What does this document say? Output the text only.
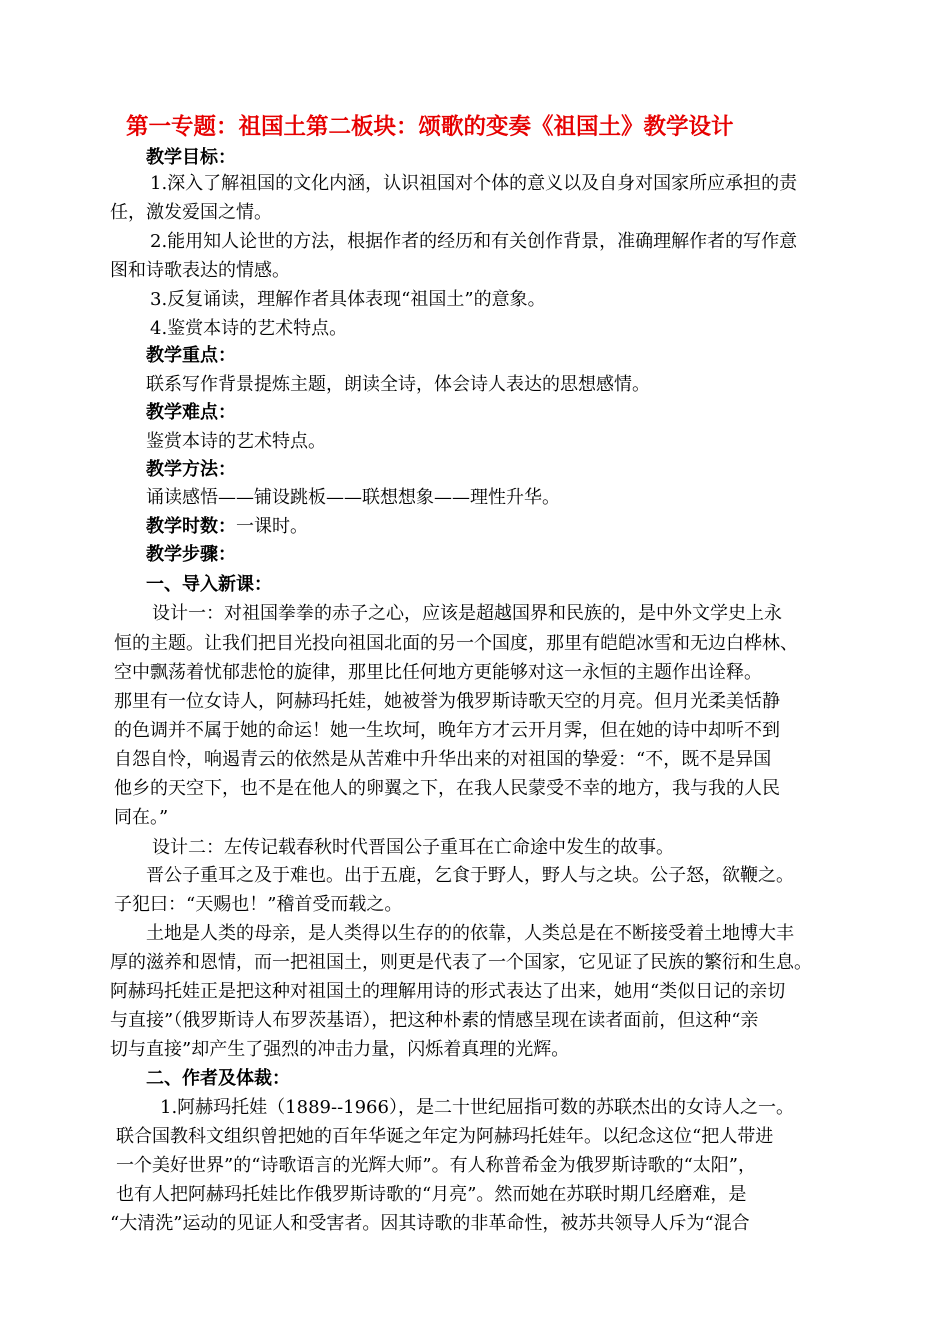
第一专题：祖国土第二板块：颂歌的变奏《祖国土》教学设计
教学目标：
1.深入了解祖国的文化内涵，认识祖国对个体的意义以及自身对国家所应承担的责
任，激发爱国之情。
2.能用知人论世的方法，根据作者的经历和有关创作背景，准确理解作者的写作意
图和诗歌表达的情感。
3.反复诵读，理解作者具体表现“祖国土”的意象。
4.鉴赏本诗的艺术特点。
教学重点：
联系写作背景提炼主题，朗读全诗，体会诗人表达的思想感情。
教学难点：
鉴赏本诗的艺术特点。
教学方法：
诵读感悟——铺设跳板——联想想象——理性升华。
教学时数：一课时。
教学步骤：
一、导入新课：
设计一：对祖国拳拳的赤子之心，应该是超越国界和民族的，是中外文学史上永
恒的主题。让我们把目光投向祖国北面的另一个国度，那里有皑皑冰雪和无边白桦林、
空中飘荡着忧郁悲怆的旋律，那里比任何地方更能够对这一永恒的主题作出诠释。
那里有一位女诗人，阿赫玛托娃，她被誉为俄罗斯诗歌天空的月亮。但月光柔美恬静
的色调并不属于她的命运！她一生坎坷，晚年方才云开月霁，但在她的诗中却听不到
自怨自怜，响遏青云的依然是从苦难中升华出来的对祖国的挚爱：“不，既不是异国
他乡的天空下，也不是在他人的卵翼之下，在我人民蒙受不幸的地方，我与我的人民
同在。”
设计二：左传记载春秋时代晋国公子重耳在亡命途中发生的故事。
晋公子重耳之及于难也。出于五鹿，乞食于野人，野人与之块。公子怒，欲鞭之。
子犯曰：“天赐也！”稽首受而载之。
土地是人类的母亲，是人类得以生存的的依靠，人类总是在不断接受着土地博大丰
厚的滋养和恩情，而一把祖国土，则更是代表了一个国家，它见证了民族的繁衍和生息。
阿赫玛托娃正是把这种对祖国土的理解用诗的形式表达了出来，她用“类似日记的亲切
与直接”（俄罗斯诗人布罗茨基语），把这种朴素的情感呈现在读者面前，但这种“亲
切与直接”却产生了强烈的冲击力量，闪烁着真理的光辉。
二、作者及体裁：
1.阿赫玛托娃（1889--1966），是二十世纪屈指可数的苏联杰出的女诗人之一。
联合国教科文组织曾把她的百年华诞之年定为阿赫玛托娃年。以纪念这位“把人带进
一个美好世界”的“诗歌语言的光辉大师”。有人称普希金为俄罗斯诗歌的“太阳”，
也有人把阿赫玛托娃比作俄罗斯诗歌的“月亮”。然而她在苏联时期几经磨难，是
“大清洗”运动的见证人和受害者。因其诗歌的非革命性，被苏共领导人斥为“混合
